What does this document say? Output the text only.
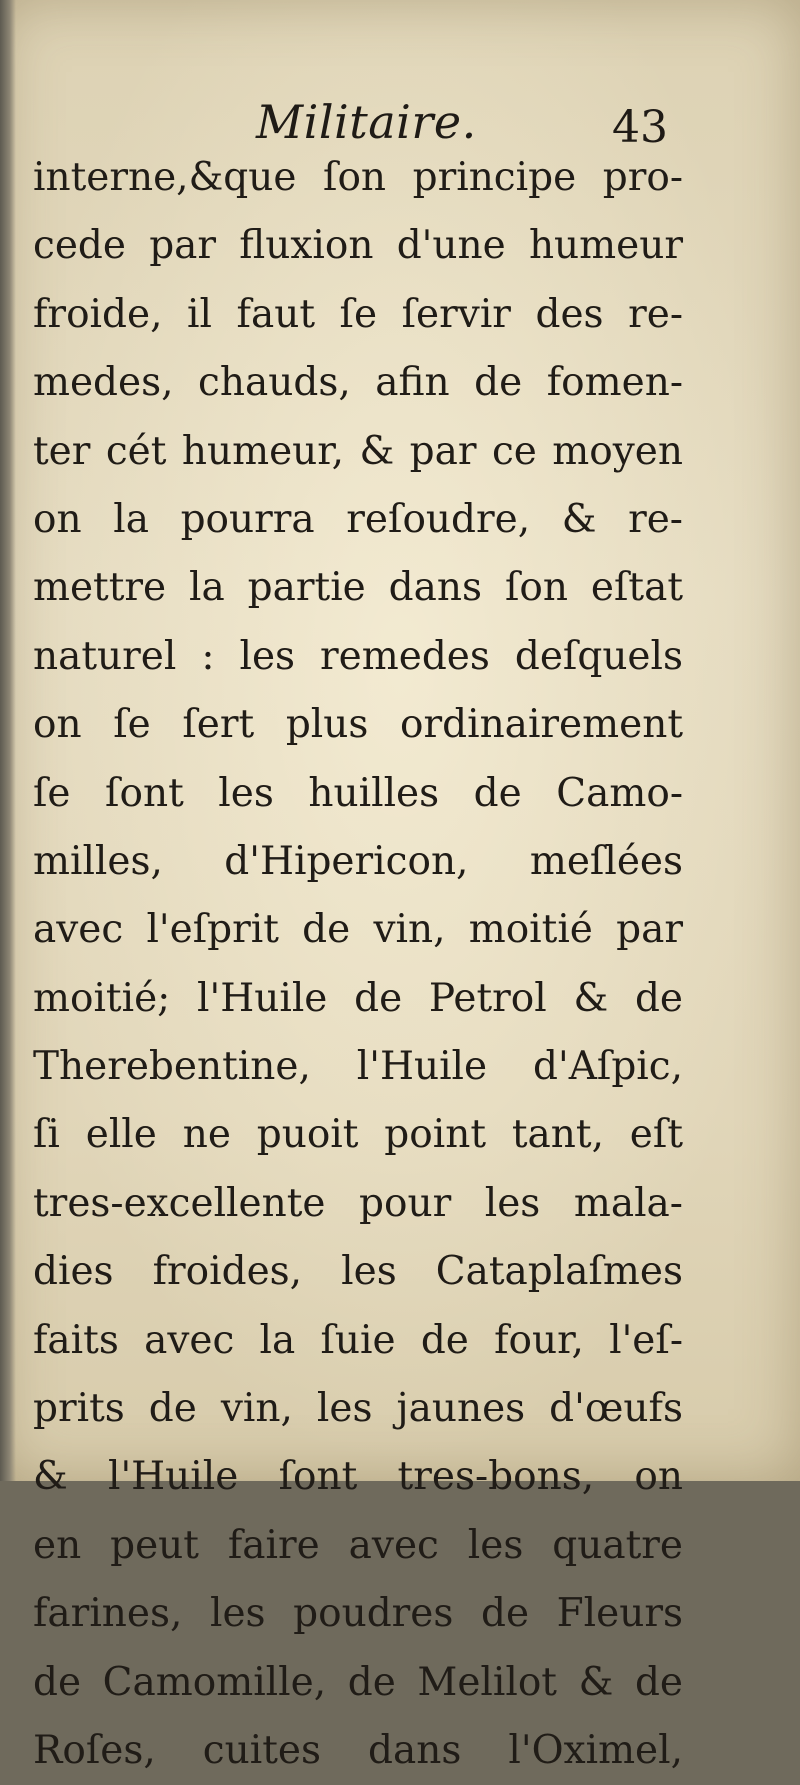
Militaire.	43
interne,&que ſon principe pro-
cede par fluxion d'une humeur
froide, il faut ſe ſervir des re-
medes, chauds, afin de fomen-
ter cét humeur, & par ce moyen
on la pourra reſoudre, & re-
mettre la partie dans ſon eſtat
naturel : les remedes deſquels
on ſe ſert plus ordinairement
ſe ſont les huilles de Camo-
milles, d'Hipericon, meſlées
avec l'eſprit de vin, moitié par
moitié; l'Huile de Petrol & de
Therebentine, l'Huile d'Aſpic,
ſi elle ne puoit point tant, eſt
tres-excellente pour les mala-
dies froides, les Cataplaſmes
faits avec la ſuie de four, l'eſ-
prits de vin, les jaunes d'œufs
& l'Huile ſont tres-bons, on
en peut faire avec les quatre
farines, les poudres de Fleurs
de Camomille, de Melilot & de
Roſes, cuites dans l'Oximel,
